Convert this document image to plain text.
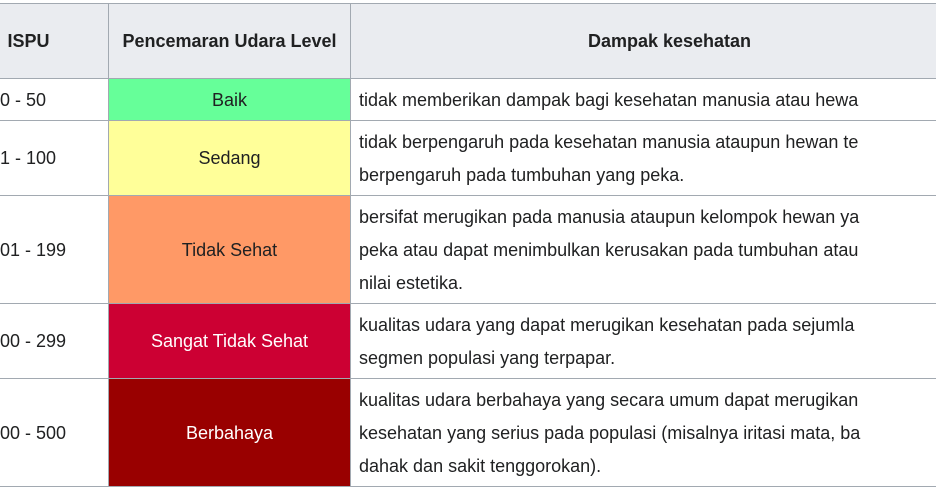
ISPU	Pencemaran Udara Level	Dampak kesehatan
0 - 50	Baik	tidak memberikan dampak bagi kesehatan manusia atau hewa

1 - 100	Sedang	tidak berpengaruh pada kesehatan manusia ataupun hewan te
berpengaruh pada tumbuhan yang peka.

01 - 199	Tidak Sehat	bersifat merugikan pada manusia ataupun kelompok hewan ya
peka atau dapat menimbulkan kerusakan pada tumbuhan atau
nilai estetika.

00 - 299	Sangat Tidak Sehat	kualitas udara yang dapat merugikan kesehatan pada sejumla
segmen populasi yang terpapar.

00 - 500	Berbahaya	kualitas udara berbahaya yang secara umum dapat merugikan
kesehatan yang serius pada populasi (misalnya iritasi mata, ba
dahak dan sakit tenggorokan).
